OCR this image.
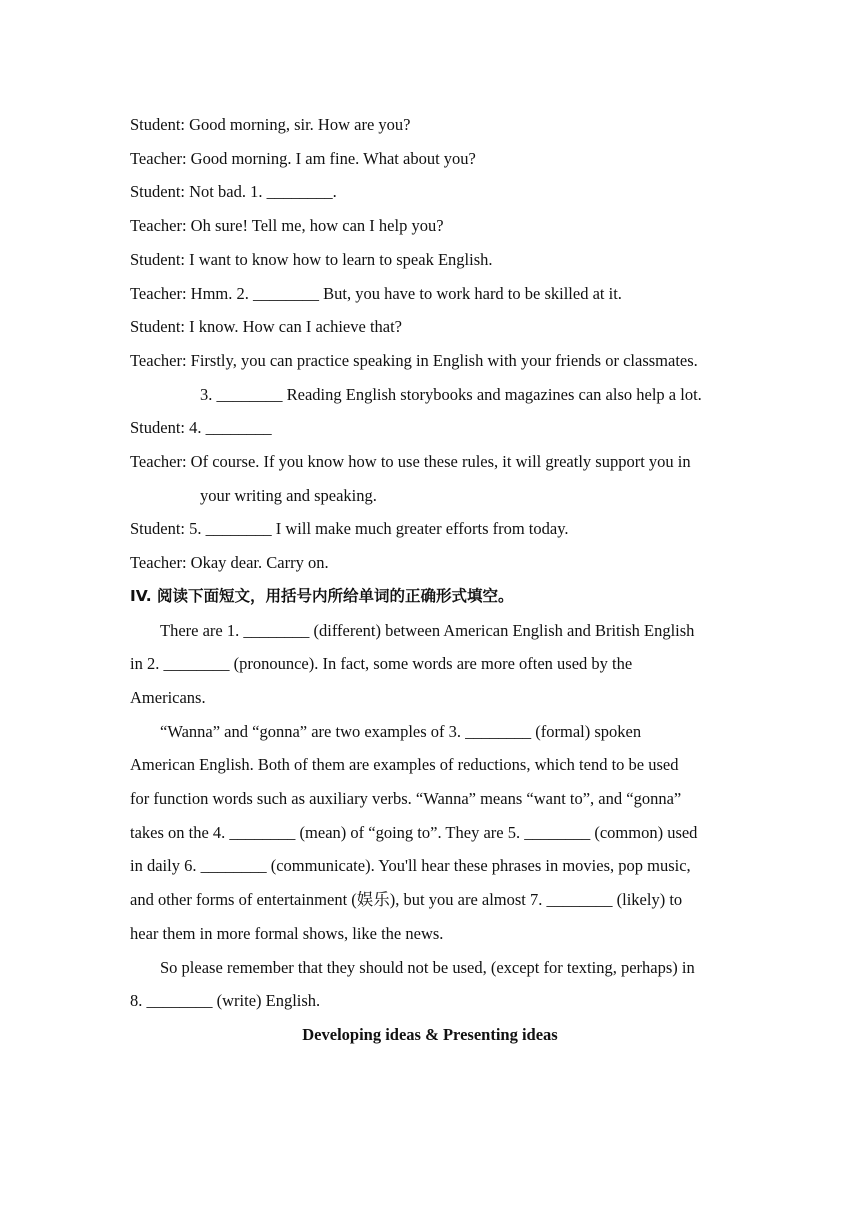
Student: Good morning, sir. How are you?
Teacher: Good morning. I am fine. What about you?
Student: Not bad. 1. ________.
Teacher: Oh sure! Tell me, how can I help you?
Student: I want to know how to learn to speak English.
Teacher: Hmm. 2. ________ But, you have to work hard to be skilled at it.
Student: I know. How can I achieve that?
Teacher: Firstly, you can practice speaking in English with your friends or classmates.
3. ________ Reading English storybooks and magazines can also help a lot.
Student: 4. ________
Teacher: Of course. If you know how to use these rules, it will greatly support you in
your writing and speaking.
Student: 5. ________ I will make much greater efforts from today.
Teacher: Okay dear. Carry on.
IV. 阅读下面短文，用括号内所给单词的正确形式填空。
There are 1. ________ (different) between American English and British English
in 2. ________ (pronounce). In fact, some words are more often used by the
Americans.
“Wanna” and “gonna” are two examples of 3. ________ (formal) spoken
American English. Both of them are examples of reductions, which tend to be used
for function words such as auxiliary verbs. “Wanna” means “want to”, and “gonna”
takes on the 4. ________ (mean) of “going to”. They are 5. ________ (common) used
in daily 6. ________ (communicate). You'll hear these phrases in movies, pop music,
and other forms of entertainment (娱乐), but you are almost 7. ________ (likely) to
hear them in more formal shows, like the news.
So please remember that they should not be used, (except for texting, perhaps) in
8. ________ (write) English.
Developing ideas & Presenting ideas
